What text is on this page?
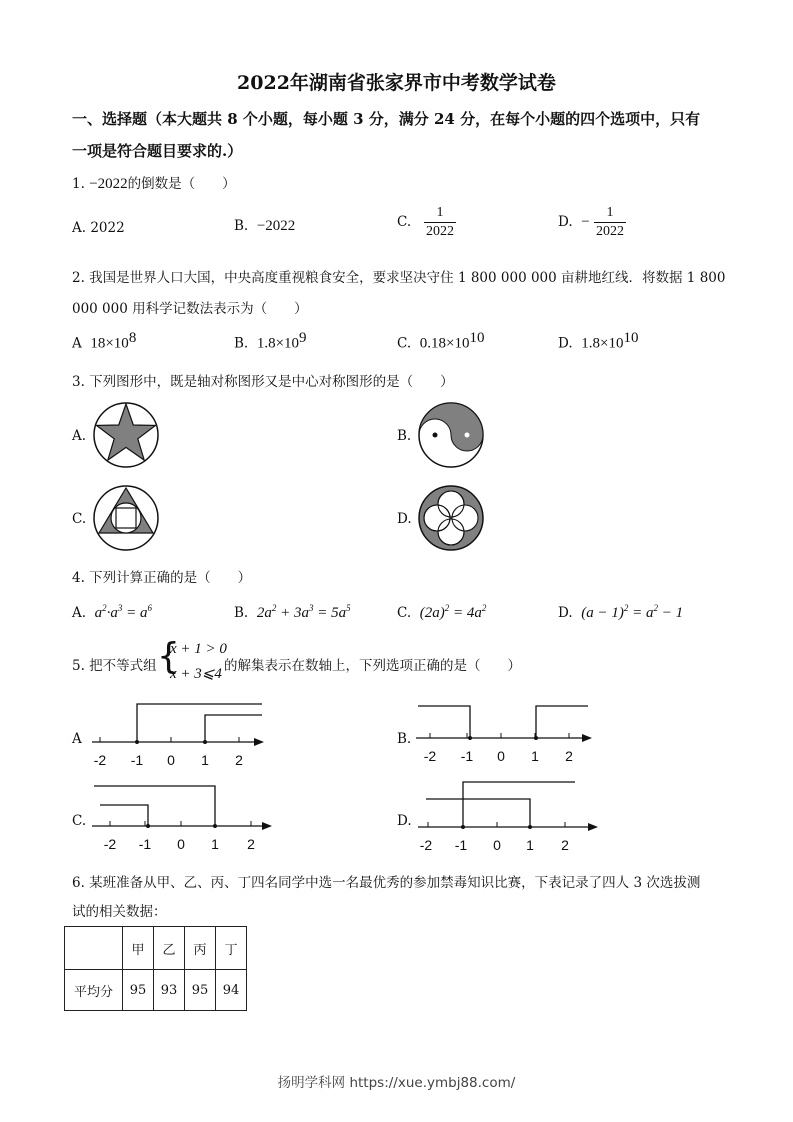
2022年湖南省张家界市中考数学试卷
一、选择题（本大题共 8 个小题，每小题 3 分，满分 24 分，在每个小题的四个选项中，只有
一项是符合题目要求的.）
1. −2022的倒数是（　　）
A. 2022	B. −2022	C. $\frac{1}{2022}$	D. − $\frac{1}{2022}$
2. 我国是世界人口大国，中央高度重视粮食安全，要求坚决守住 1 800 000 000 亩耕地红线．将数据 1 800
000 000 用科学记数法表示为（　　）
A $18\times 10^8$	B. $1.8\times 10^9$	C. $0.18\times 10^{10}$	D. $1.8\times 10^{10}$
3. 下列图形中，既是轴对称图形又是中心对称图形的是（　　）
A.	B.
C.	D.
4. 下列计算正确的是（　　）
A. $a^2\cdot a^3 = a^6$	B. $2a^2 + 3a^3 = 5a^5$	C. $(2a)^2 = 4a^2$	D. $(a - 1)^2 = a^2 - 1$
5. 把不等式组 {
x + 1 > 0
x + 3⩽4 的解集表示在数轴上，下列选项正确的是（　　）
A
-2 -1 0 1 2
B.
-2 -1 0 1 2
C.
-2 -1 0 1 2
D.
-2 -1 0 1 2
6. 某班准备从甲、乙、丙、丁四名同学中选一名最优秀的参加禁毒知识比赛，下表记录了四人 3 次选拔测
试的相关数据：
	甲	乙	丙	丁
平均分	95	93	95	94
扬明学科网 https://xue.ymbj88.com/
